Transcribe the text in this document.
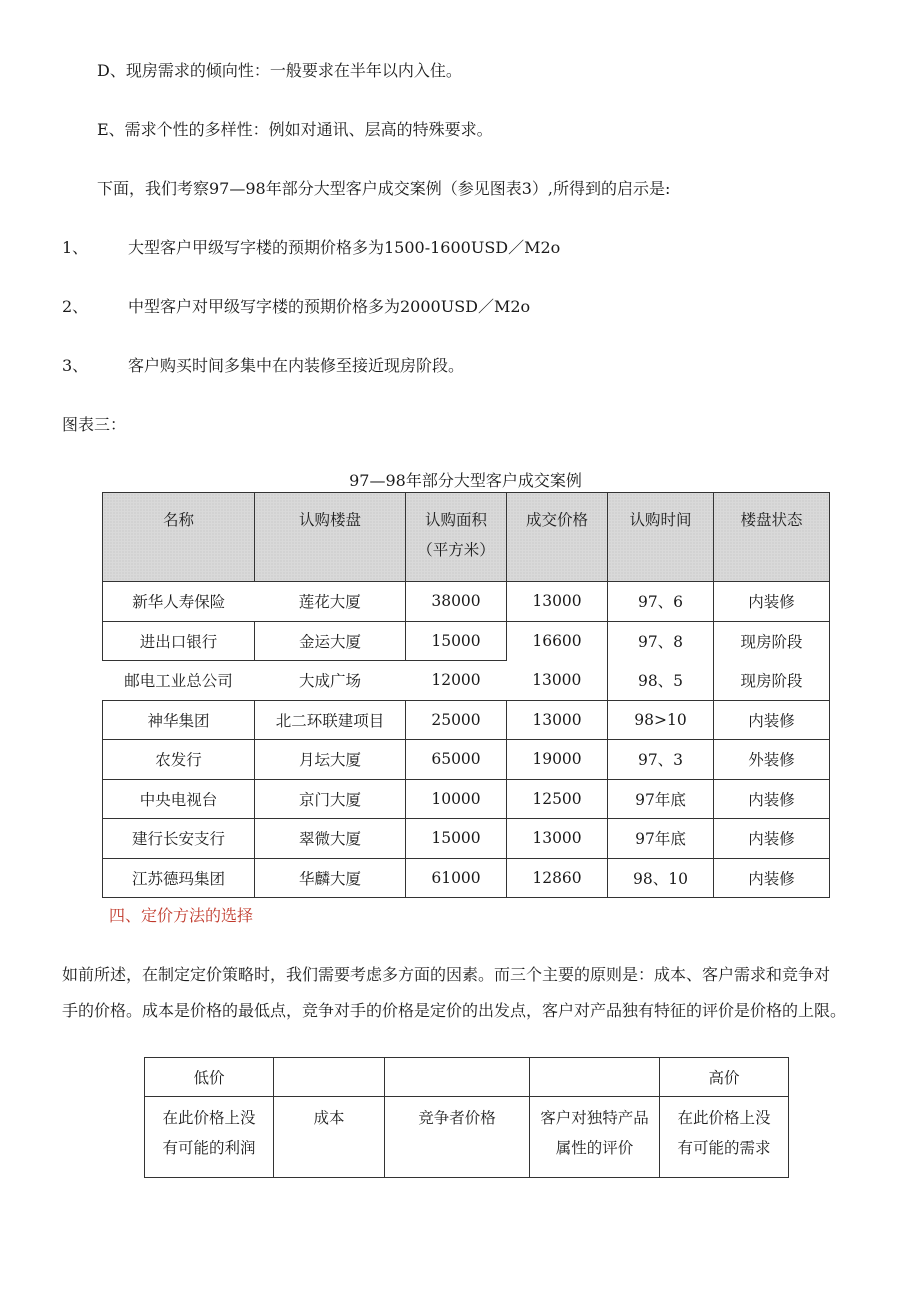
D、现房需求的倾向性：一般要求在半年以内入住。
E、需求个性的多样性：例如对通讯、层高的特殊要求。
下面，我们考察97—98年部分大型客户成交案例（参见图表3）,所得到的启示是:
1、 大型客户甲级写字楼的预期价格多为1500-1600USD／M2o
2、 中型客户对甲级写字楼的预期价格多为2000USD／M2o
3、 客户购买时间多集中在内装修至接近现房阶段。
图表三：
97—98年部分大型客户成交案例
名称	认购楼盘	认购面积
（平方米）	成交价格	认购时间	楼盘状态

新华人寿保险	莲花大厦	38000	13000	97、6	内装修
进出口银行	金运大厦	15000	16600	97、8	现房阶段
邮电工业总公司	大成广场	12000	13000	98、5	现房阶段
神华集团	北二环联建项目	25000	13000	98>10	内装修
农发行	月坛大厦	65000	19000	97、3	外装修
中央电视台	京门大厦	10000	12500	97年底	内装修
建行长安支行	翠微大厦	15000	13000	97年底	内装修
江苏德玛集团	华麟大厦	61000	12860	98、10	内装修
四、定价方法的选择
如前所述，在制定定价策略时，我们需要考虑多方面的因素。而三个主要的原则是：成本、客户需求和竞争对
手的价格。成本是价格的最低点，竞争对手的价格是定价的出发点，客户对产品独有特征的评价是价格的上限。
低价				高价
在此价格上没
有可能的利润	成本	竞争者价格	客户对独特产品
属性的评价	在此价格上没
有可能的需求
